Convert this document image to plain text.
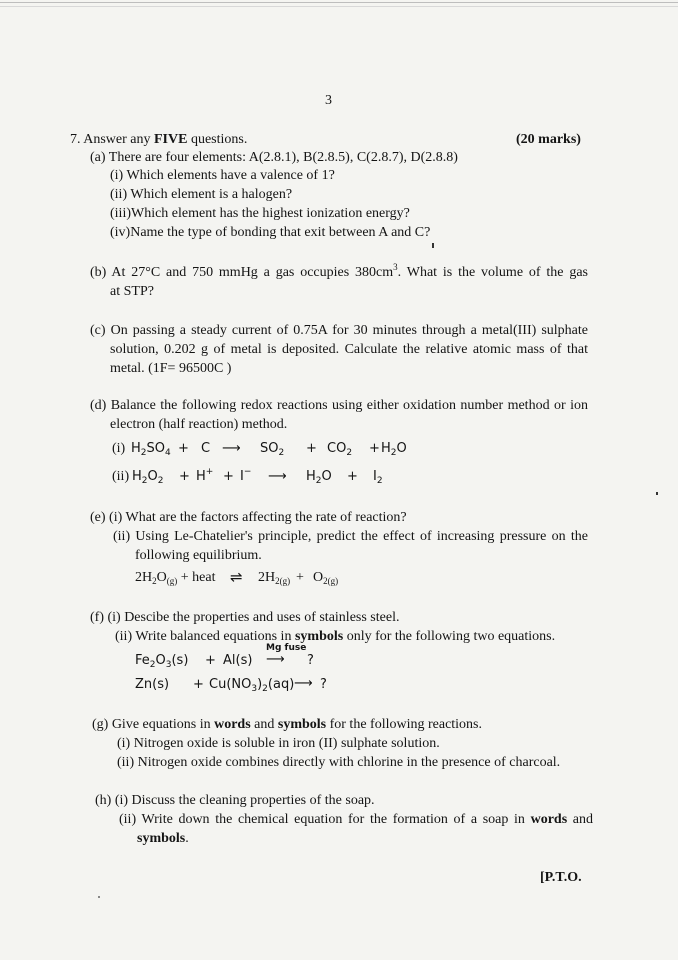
3
7. Answer any FIVE questions.	(20 marks)
(a) There are four elements: A(2.8.1), B(2.8.5), C(2.8.7), D(2.8.8)
(i) Which elements have a valence of 1?
(ii) Which element is a halogen?
(iii)Which element has the highest ionization energy?
(iv)Name the type of bonding that exit between A and C?
(b) At 27°C and 750 mmHg a gas occupies $380cm^3$. What is the volume of the gas
at STP?
(c) On passing a steady current of 0.75A for 30 minutes through a metal(III) sulphate
solution, 0.202 g of metal is deposited. Calculate the relative atomic mass of that
metal. (1F= 96500C )
(d) Balance the following redox reactions using either oxidation number method or ion
electron (half reaction) method.
(i) $H_2SO_4 + C$ ⟶ $SO_2 + CO_2 + H_2O$
(ii) $H_2O_2 + H^+ + I^-$ ⟶ $H_2O + I_2$
(e) (i) What are the factors affecting the rate of reaction?
(ii) Using Le-Chatelier's principle, predict the effect of increasing pressure on the
following equilibrium.
$2H_2O_{(g)}$ + heat ⇌ $2H_{2(g)} + O_{2(g)}$
(f) (i) Descibe the properties and uses of stainless steel.
(ii) Write balanced equations in symbols only for the following two equations.
$Fe_2O_3(s) + Al(s)$
Mg fuse
⟶ ?
$Zn(s) + Cu(NO_3)_2(aq)$ ⟶ ?
(g) Give equations in words and symbols for the following reactions.
(i) Nitrogen oxide is soluble in iron (II) sulphate solution.
(ii) Nitrogen oxide combines directly with chlorine in the presence of charcoal.
(h) (i) Discuss the cleaning properties of the soap.
(ii) Write down the chemical equation for the formation of a soap in words and
symbols.
[P.T.O.
